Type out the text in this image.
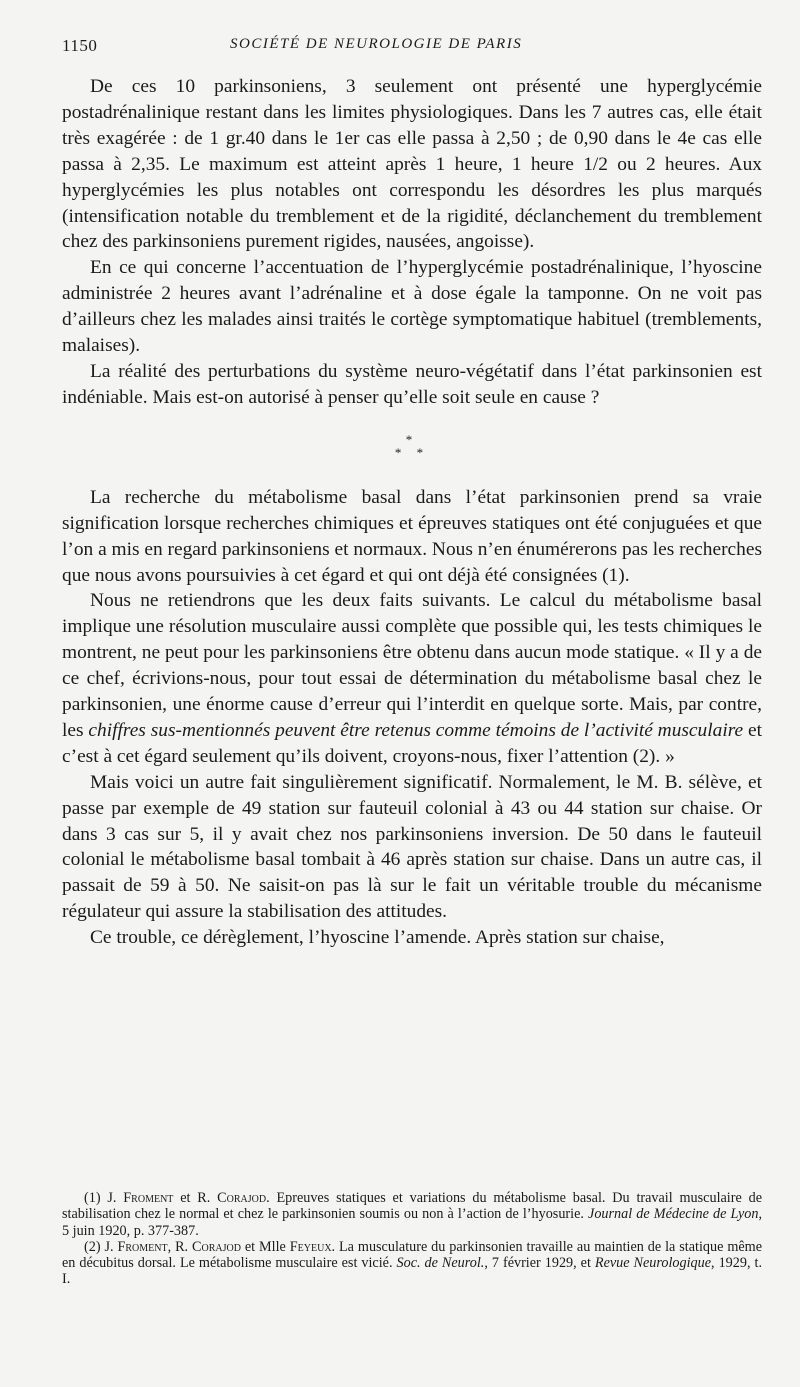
1150	SOCIÉTÉ DE NEUROLOGIE DE PARIS

De ces 10 parkinsoniens, 3 seulement ont présenté une hyperglycémie postadrénalinique restant dans les limites physiologiques. Dans les 7 autres cas, elle était très exagérée : de 1 gr.40 dans le 1er cas elle passa à 2,50 ; de 0,90 dans le 4e cas elle passa à 2,35. Le maximum est atteint après 1 heure, 1 heure 1/2 ou 2 heures. Aux hyperglycémies les plus notables ont correspondu les désordres les plus marqués (intensification notable du tremblement et de la rigidité, déclanchement du tremblement chez des parkinsoniens purement rigides, nausées, angoisse).

En ce qui concerne l’accentuation de l’hyperglycémie postadrénalinique, l’hyoscine administrée 2 heures avant l’adrénaline et à dose égale la tamponne. On ne voit pas d’ailleurs chez les malades ainsi traités le cortège symptomatique habituel (tremblements, malaises).

La réalité des perturbations du système neuro-végétatif dans l’état parkinsonien est indéniable. Mais est-on autorisé à penser qu’elle soit seule en cause ?

*
* *

La recherche du métabolisme basal dans l’état parkinsonien prend sa vraie signification lorsque recherches chimiques et épreuves statiques ont été conjuguées et que l’on a mis en regard parkinsoniens et normaux. Nous n’en énumérerons pas les recherches que nous avons poursuivies à cet égard et qui ont déjà été consignées (1).

Nous ne retiendrons que les deux faits suivants. Le calcul du métabolisme basal implique une résolution musculaire aussi complète que possible qui, les tests chimiques le montrent, ne peut pour les parkinsoniens être obtenu dans aucun mode statique. « Il y a de ce chef, écrivions-nous, pour tout essai de détermination du métabolisme basal chez le parkinsonien, une énorme cause d’erreur qui l’interdit en quelque sorte. Mais, par contre, les chiffres sus-mentionnés peuvent être retenus comme témoins de l’activité musculaire et c’est à cet égard seulement qu’ils doivent, croyons-nous, fixer l’attention (2). »

Mais voici un autre fait singulièrement significatif. Normalement, le M. B. sélève, et passe par exemple de 49 station sur fauteuil colonial à 43 ou 44 station sur chaise. Or dans 3 cas sur 5, il y avait chez nos parkinsoniens inversion. De 50 dans le fauteuil colonial le métabolisme basal tombait à 46 après station sur chaise. Dans un autre cas, il passait de 59 à 50. Ne saisit-on pas là sur le fait un véritable trouble du mécanisme régulateur qui assure la stabilisation des attitudes.

Ce trouble, ce dérèglement, l’hyoscine l’amende. Après station sur chaise,

(1) J. Froment et R. Corajod. Epreuves statiques et variations du métabolisme basal. Du travail musculaire de stabilisation chez le normal et chez le parkinsonien soumis ou non à l’action de l’hyosurie. Journal de Médecine de Lyon, 5 juin 1920, p. 377-387.

(2) J. Froment, R. Corajod et Mlle Feyeux. La musculature du parkinsonien travaille au maintien de la statique même en décubitus dorsal. Le métabolisme musculaire est vicié. Soc. de Neurol., 7 février 1929, et Revue Neurologique, 1929, t. I.
